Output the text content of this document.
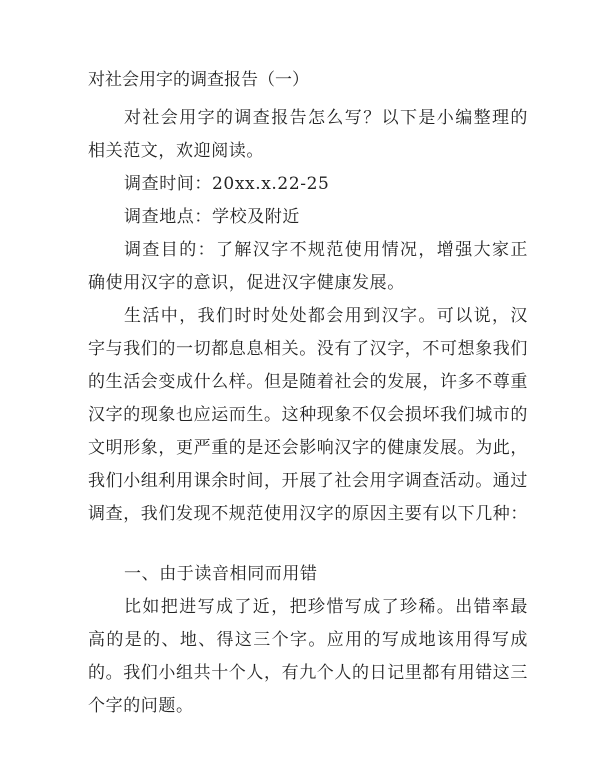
对社会用字的调查报告（一）
对社会用字的调查报告怎么写？以下是小编整理的相关范文，欢迎阅读。
调查时间：20xx.x.22-25
调查地点：学校及附近
调查目的：了解汉字不规范使用情况，增强大家正确使用汉字的意识，促进汉字健康发展。
生活中，我们时时处处都会用到汉字。可以说，汉字与我们的一切都息息相关。没有了汉字，不可想象我们的生活会变成什么样。但是随着社会的发展，许多不尊重汉字的现象也应运而生。这种现象不仅会损坏我们城市的文明形象，更严重的是还会影响汉字的健康发展。为此，我们小组利用课余时间，开展了社会用字调查活动。通过调查，我们发现不规范使用汉字的原因主要有以下几种：
一、由于读音相同而用错
比如把进写成了近，把珍惜写成了珍稀。出错率最高的是的、地、得这三个字。应用的写成地该用得写成的。我们小组共十个人，有九个人的日记里都有用错这三个字的问题。
